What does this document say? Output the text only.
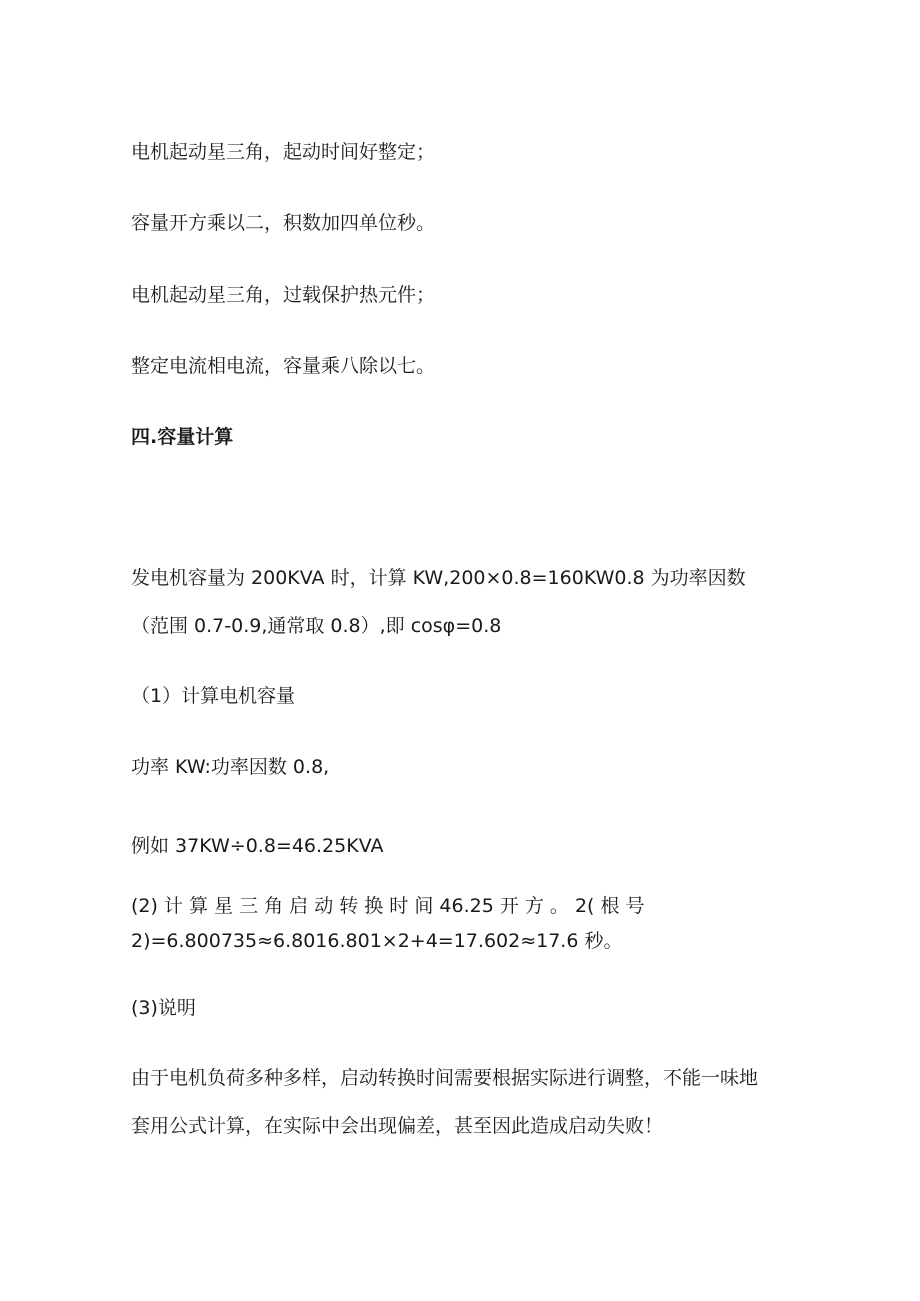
电机起动星三角，起动时间好整定；
容量开方乘以二，积数加四单位秒。
电机起动星三角，过载保护热元件；
整定电流相电流，容量乘八除以七。
四.容量计算
发电机容量为 200KVA 时，计算 KW,200×0.8=160KW0.8 为功率因数
（范围 0.7-0.9,通常取 0.8）,即 cosφ=0.8
（1）计算电机容量
功率 KW:功率因数 0.8,
例如 37KW÷0.8=46.25KVA
(2) 计 算 星 三 角 启 动 转 换 时 间 46.25 开 方 。 2( 根 号
2)=6.800735≈6.8016.801×2+4=17.602≈17.6 秒。
(3)说明
由于电机负荷多种多样，启动转换时间需要根据实际进行调整，不能一味地
套用公式计算，在实际中会出现偏差，甚至因此造成启动失败！
